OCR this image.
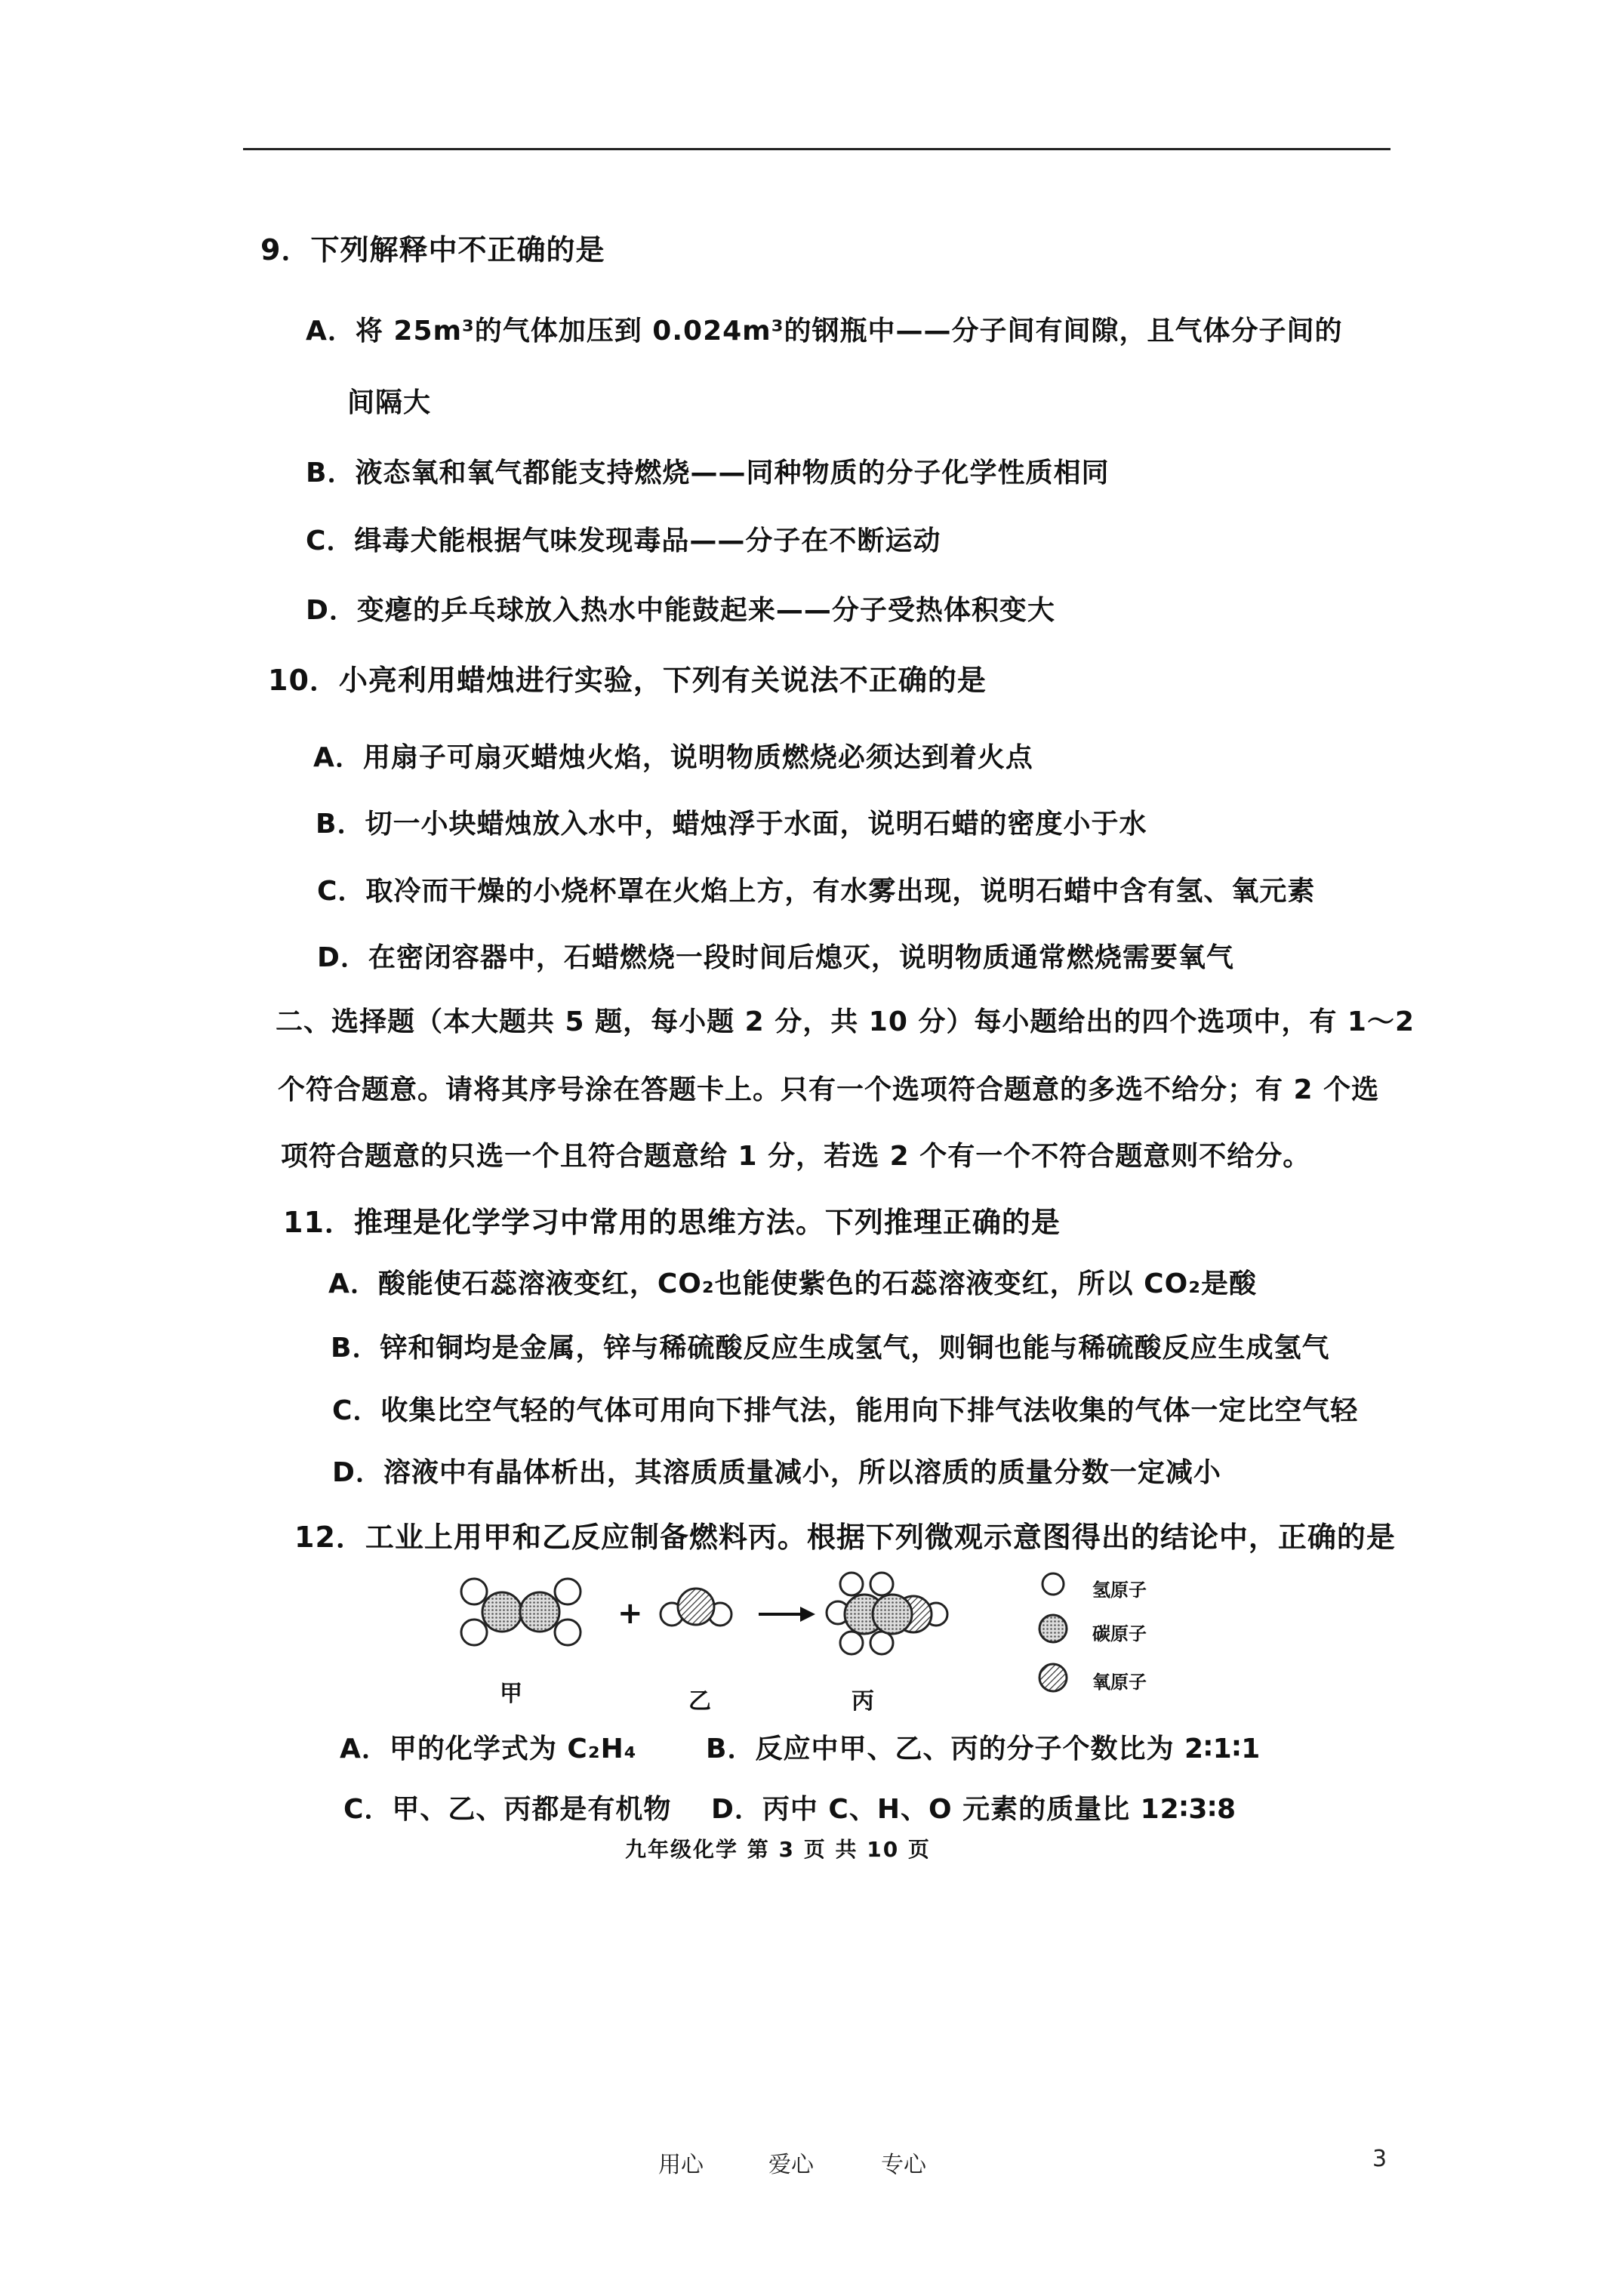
9．下列解释中不正确的是
A．将 25m³的气体加压到 0.024m³的钢瓶中——分子间有间隙，且气体分子间的
间隔大
B．液态氧和氧气都能支持燃烧——同种物质的分子化学性质相同
C．缉毒犬能根据气味发现毒品——分子在不断运动
D．变瘪的乒乓球放入热水中能鼓起来——分子受热体积变大
10．小亮利用蜡烛进行实验，下列有关说法不正确的是
A．用扇子可扇灭蜡烛火焰，说明物质燃烧必须达到着火点
B．切一小块蜡烛放入水中，蜡烛浮于水面，说明石蜡的密度小于水
C．取冷而干燥的小烧杯罩在火焰上方，有水雾出现，说明石蜡中含有氢、氧元素
D．在密闭容器中，石蜡燃烧一段时间后熄灭，说明物质通常燃烧需要氧气
二、选择题（本大题共 5 题，每小题 2 分，共 10 分）每小题给出的四个选项中，有 1～2
个符合题意。请将其序号涂在答题卡上。只有一个选项符合题意的多选不给分；有 2 个选
项符合题意的只选一个且符合题意给 1 分，若选 2 个有一个不符合题意则不给分。
11．推理是化学学习中常用的思维方法。下列推理正确的是
A．酸能使石蕊溶液变红，CO₂也能使紫色的石蕊溶液变红，所以 CO₂是酸
B．锌和铜均是金属，锌与稀硫酸反应生成氢气，则铜也能与稀硫酸反应生成氢气
C．收集比空气轻的气体可用向下排气法，能用向下排气法收集的气体一定比空气轻
D．溶液中有晶体析出，其溶质质量减小，所以溶质的质量分数一定减小
12．工业上用甲和乙反应制备燃料丙。根据下列微观示意图得出的结论中，正确的是
+
氢原子
碳原子
氧原子
甲	乙	丙
A．甲的化学式为 C₂H₄	B．反应中甲、乙、丙的分子个数比为 2∶1∶1
C．甲、乙、丙都是有机物 D．丙中 C、H、O 元素的质量比 12∶3∶8
九年级化学 第 3 页 共 10 页
用心	爱心	专心	3
